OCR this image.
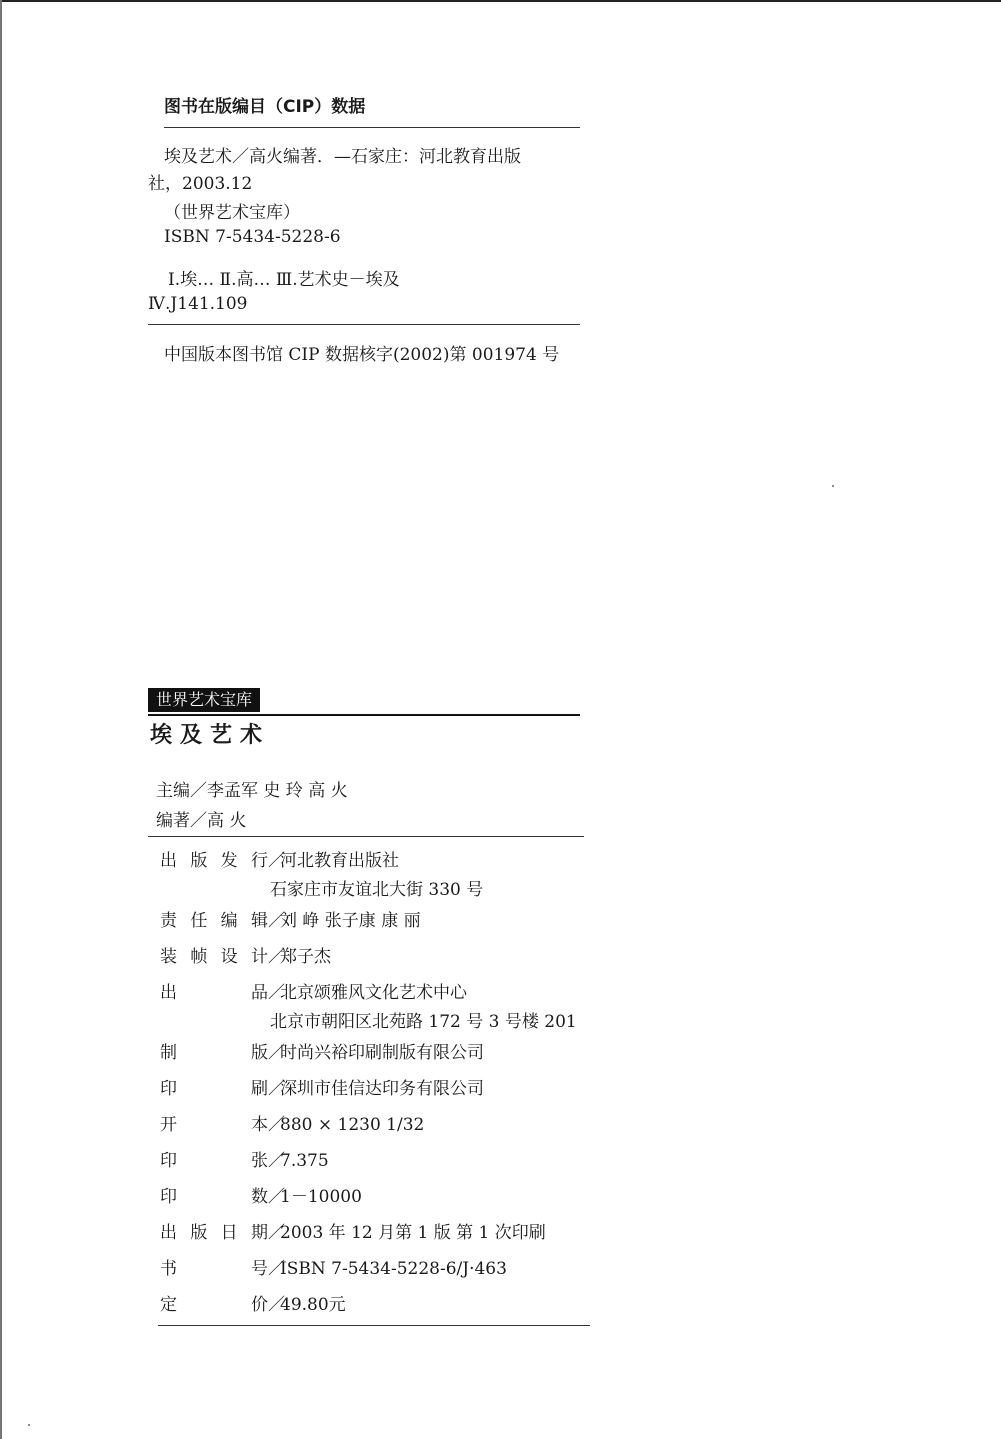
图书在版编目（CIP）数据
埃及艺术／高火编著．—石家庄：河北教育出版
社，2003.12
（世界艺术宝库）
ISBN 7-5434-5228-6
Ⅰ.埃… Ⅱ.高… Ⅲ.艺术史－埃及
Ⅳ.J141.109
中国版本图书馆 CIP 数据核字(2002)第 001974 号
世界艺术宝库
埃及艺术
主编／李孟军 史 玲 高 火
编著／高 火
出版发行／河北教育出版社
石家庄市友谊北大街 330 号
责任编辑／刘 峥 张子康 康 丽
装帧设计／郑子杰
出品／北京颂雅风文化艺术中心
北京市朝阳区北苑路 172 号 3 号楼 201
制版／时尚兴裕印刷制版有限公司
印刷／深圳市佳信达印务有限公司
开本／880 × 1230 1/32
印张／7.375
印数／1－10000
出版日期／2003 年 12 月第 1 版 第 1 次印刷
书号／ISBN 7-5434-5228-6/J·463
定价／49.80元
